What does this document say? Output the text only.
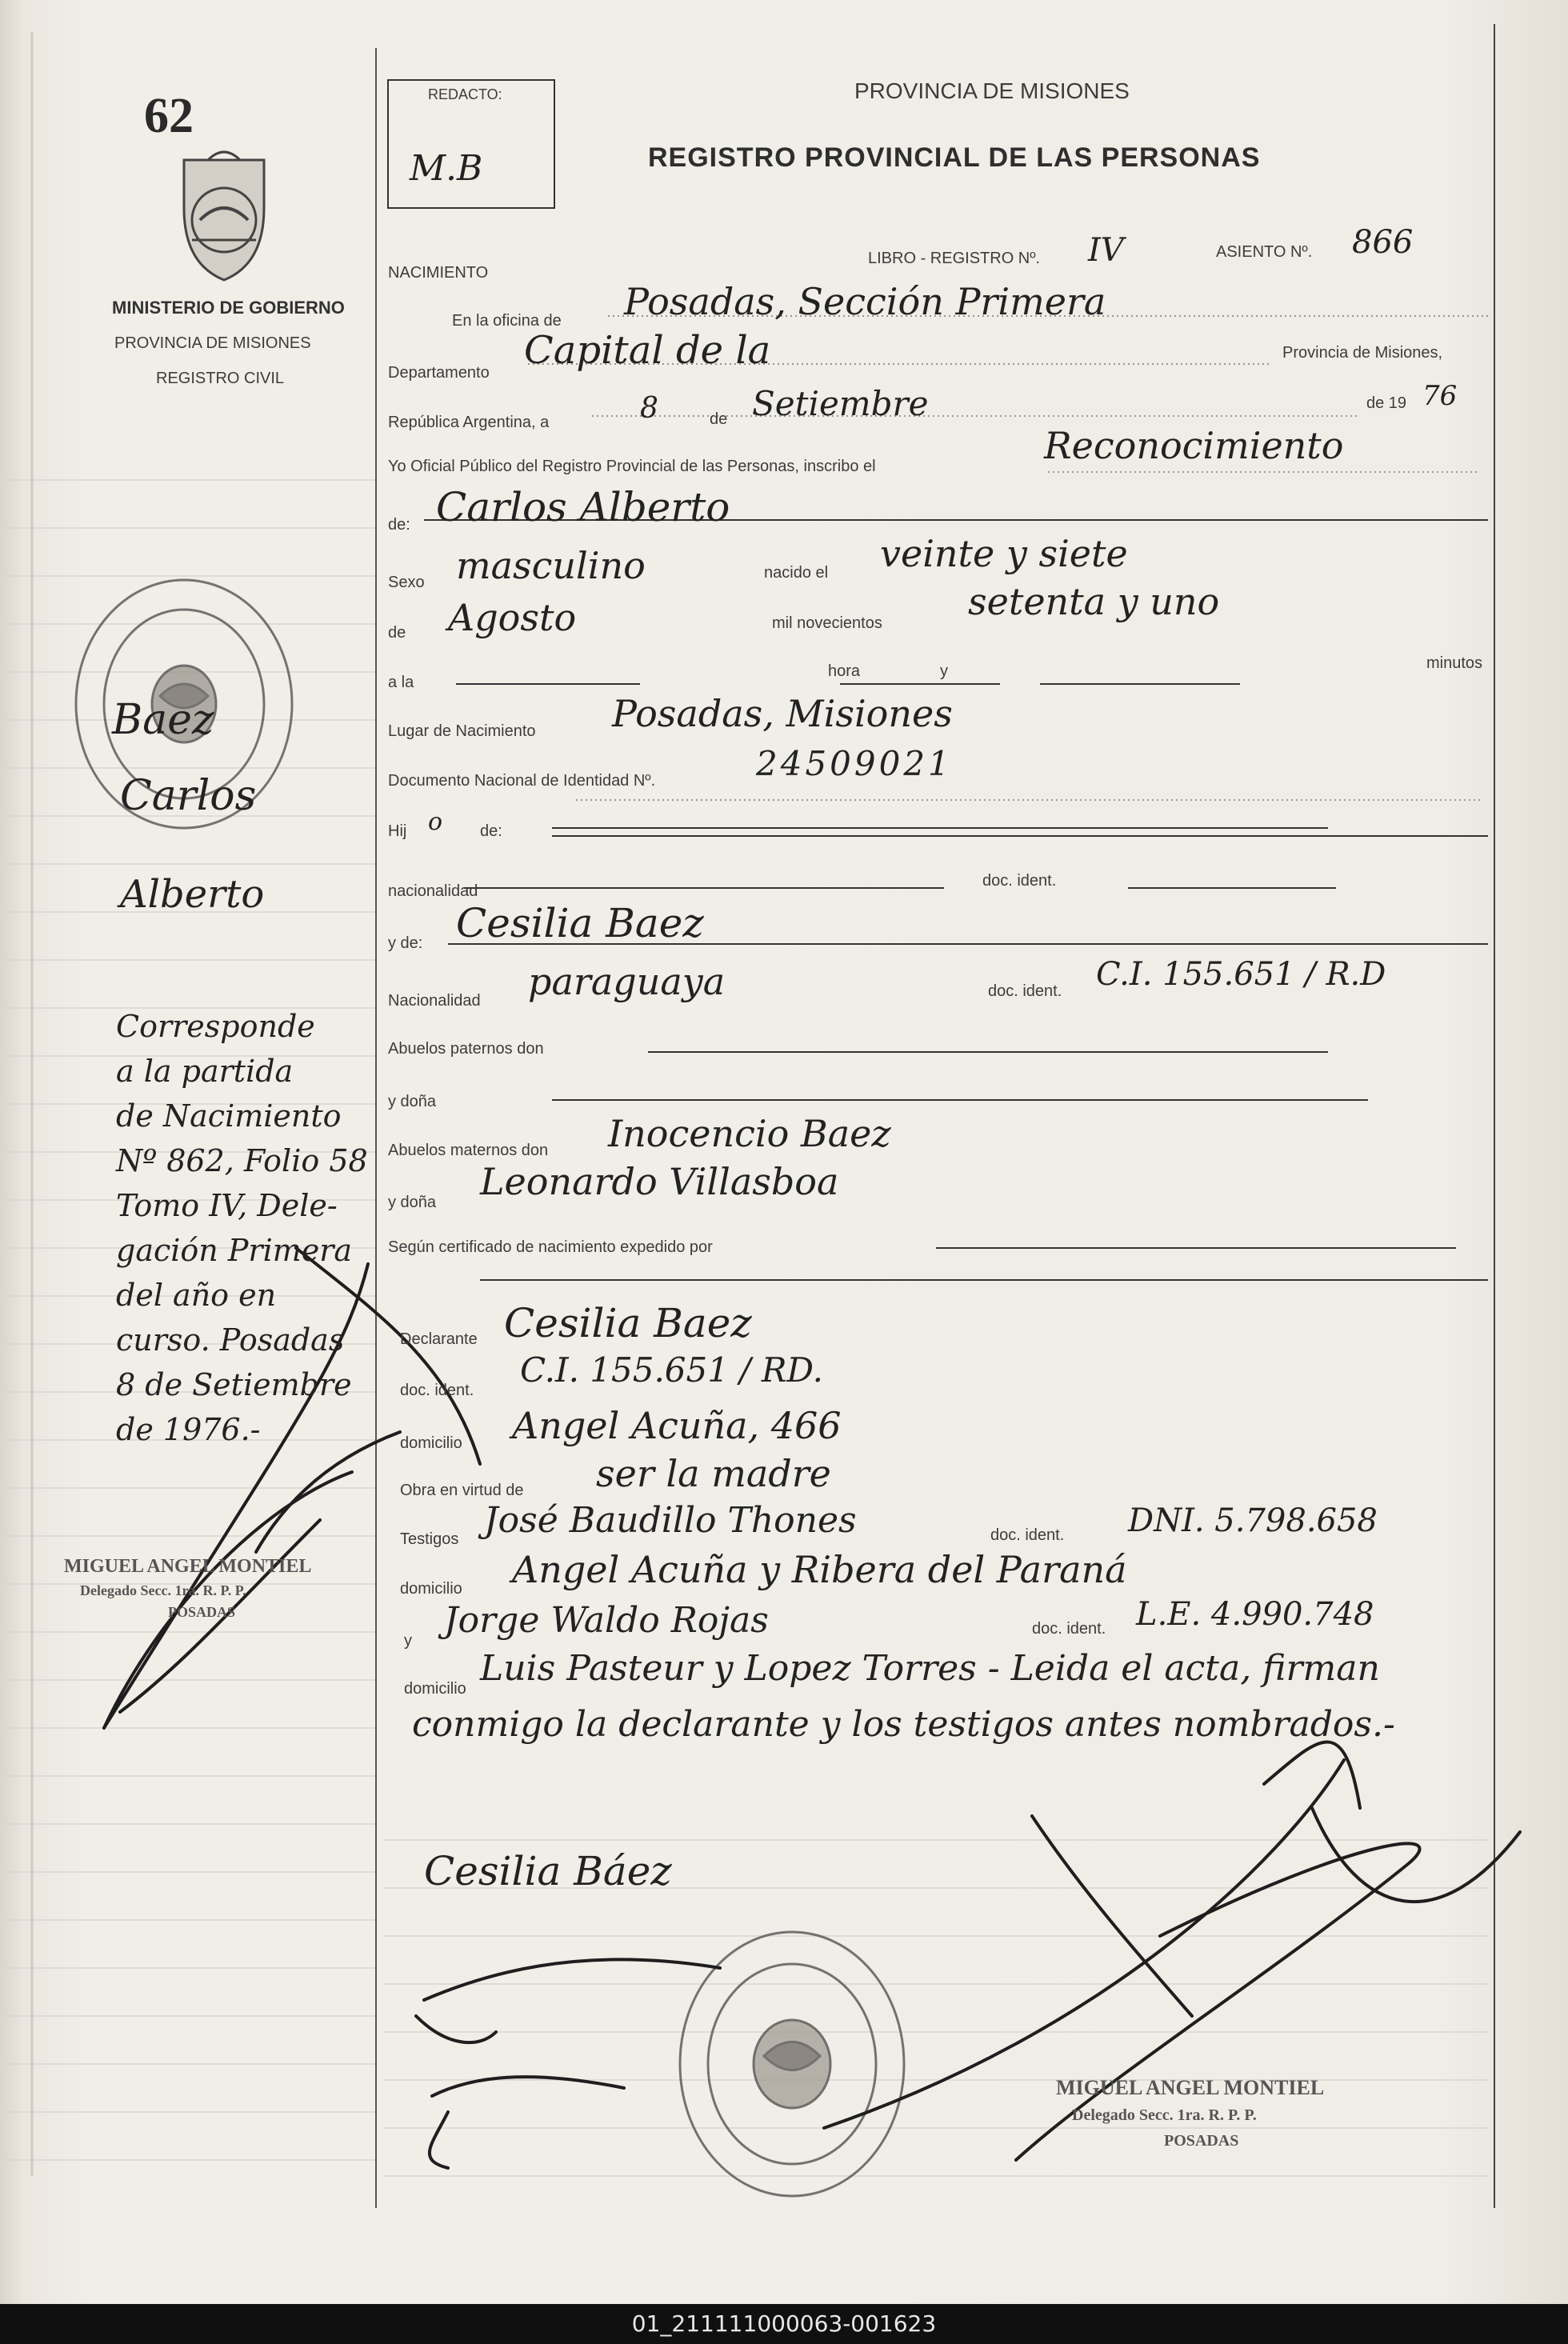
62
MINISTERIO DE GOBIERNO
PROVINCIA DE MISIONES
REGISTRO CIVIL
Baez
Carlos
Alberto
Corresponde
a la partida
de Nacimiento
Nº 862, Folio 58
Tomo IV, Dele-
gación Primera
del año en
curso. Posadas
8 de Setiembre
de 1976.-
MIGUEL ANGEL MONTIEL
Delegado Secc. 1ra. R. P. P.
POSADAS
REDACTO:
M.B
PROVINCIA DE MISIONES
REGISTRO PROVINCIAL DE LAS PERSONAS
NACIMIENTO
LIBRO - REGISTRO Nº. IV	ASIENTO Nº. 866
En la oficina de Posadas, Sección Primera
Departamento Capital de la	Provincia de Misiones,
República Argentina, a	8	de Setiembre	de 19 76
Yo Oficial Público del Registro Provincial de las Personas, inscribo el	Reconocimiento
de: Carlos Alberto
Sexo masculino	nacido el veinte y siete
de Agosto	mil novecientos setenta y uno
a la
hora	y	minutos
Lugar de Nacimiento Posadas, Misiones
Documento Nacional de Identidad Nº.	24509021
Hij o de:
nacionalidad
doc. ident.
y de: Cesilia Baez
Nacionalidad paraguaya	doc. ident. C.I. 155.651 / R.D
Abuelos paternos don
y doña
Abuelos maternos don Inocencio Baez
y doña Leonardo Villasboa
Según certificado de nacimiento expedido por
Declarante Cesilia Baez
doc. ident.
C.I. 155.651 / RD.
domicilio Angel Acuña, 466
Obra en virtud de ser la madre
Testigos José Baudillo Thones	doc. ident. DNI. 5.798.658
domicilio Angel Acuña y Ribera del Paraná
y Jorge Waldo Rojas	doc. ident. L.E. 4.990.748
domicilio Luis Pasteur y Lopez Torres - Leida el acta, firman
conmigo la declarante y los testigos antes nombrados.-
Cesilia Báez
MIGUEL ANGEL MONTIEL
Delegado Secc. 1ra. R. P. P.
POSADAS
01_211111000063-001623
